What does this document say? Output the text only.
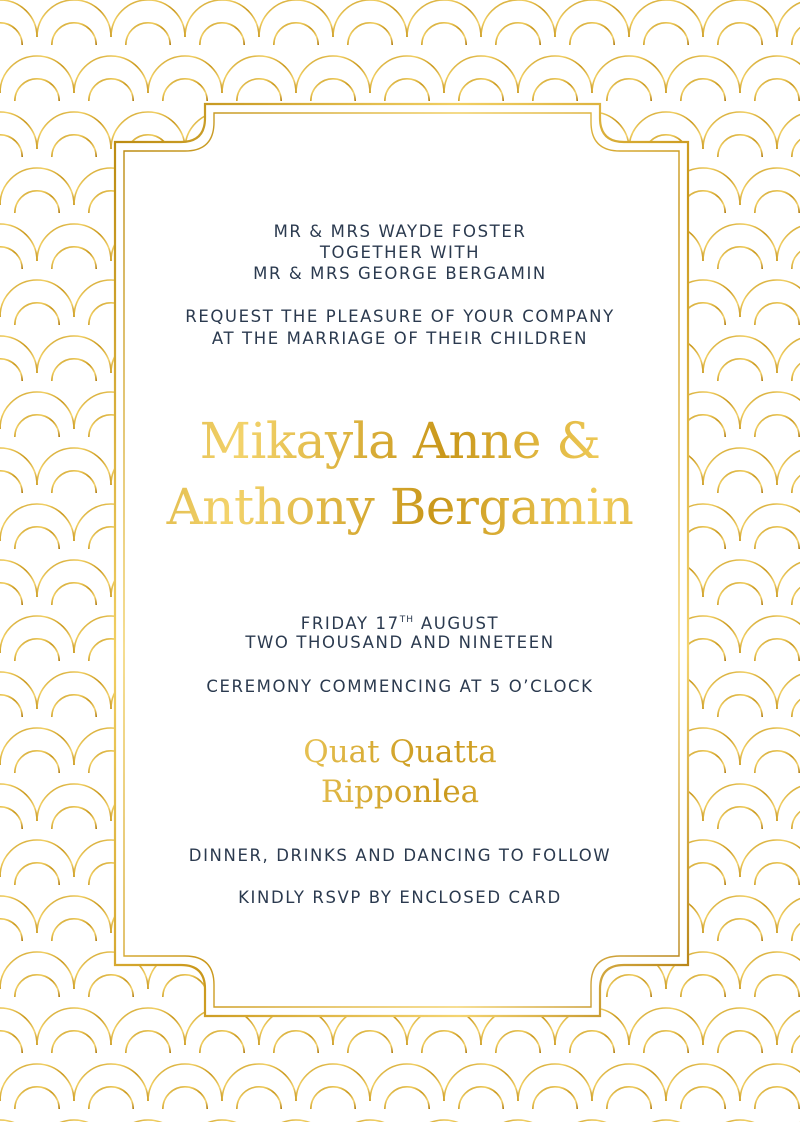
MR & MRS WAYDE FOSTER

TOGETHER WITH

MR & MRS GEORGE BERGAMIN

REQUEST THE PLEASURE OF YOUR COMPANY

AT THE MARRIAGE OF THEIR CHILDREN

Mikayla Anne &
Anthony Bergamin

FRIDAY 17TH AUGUST

TWO THOUSAND AND NINETEEN

CEREMONY COMMENCING AT 5 O’CLOCK

Quat Quatta
Ripponlea

DINNER, DRINKS AND DANCING TO FOLLOW

KINDLY RSVP BY ENCLOSED CARD
